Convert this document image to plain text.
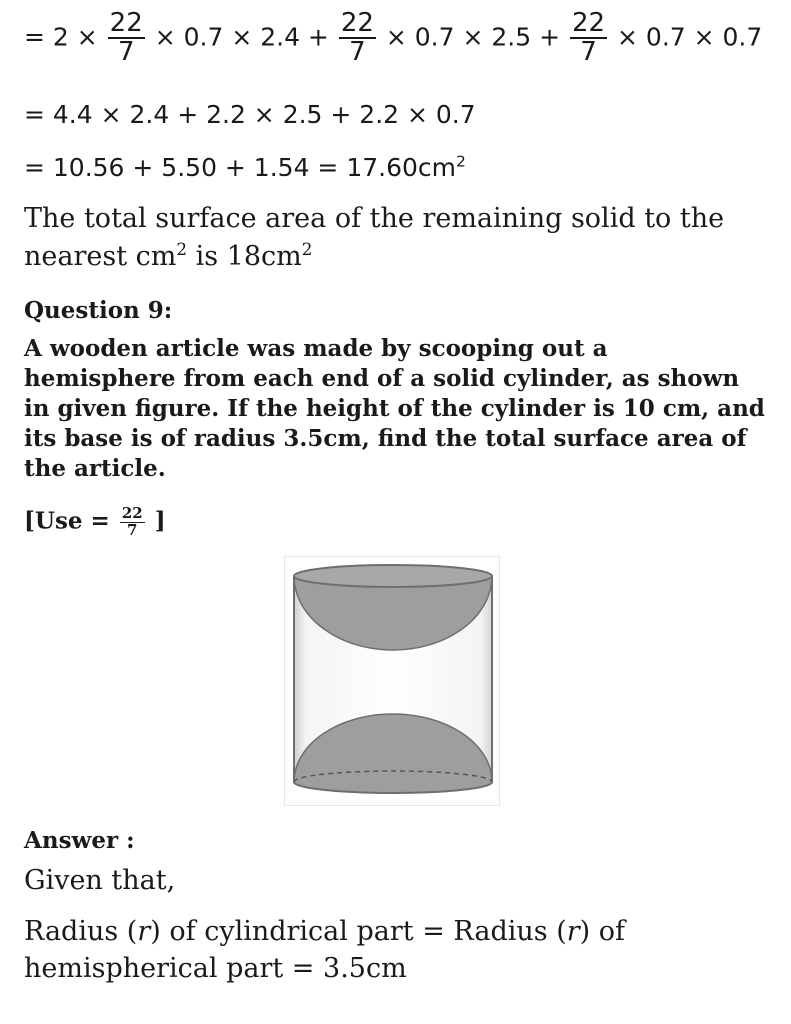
= $2 \times \frac{22}{7} \times 0.7 \times 2.4 + \frac{22}{7} \times 0.7 \times 2.5 + \frac{22}{7} \times 0.7 \times 0.7$
= 4.4 × 2.4 + 2.2 × 2.5 + 2.2 × 0.7
= $10.56 + 5.50 + 1.54 = 17.60cm^2$
The total surface area of the remaining solid to the
nearest $cm^2$ is $18cm^2$
Question 9:
A wooden article was made by scooping out a
hemisphere from each end of a solid cylinder, as shown
in given figure. If the height of the cylinder is 10 cm, and
its base is of radius 3.5cm, find the total surface area of
the article.
[$Use = \frac{22}{7}$ ]
Answer :
Given that,
Radius (r) of cylindrical part = Radius (r) of
hemispherical part = 3.5cm
